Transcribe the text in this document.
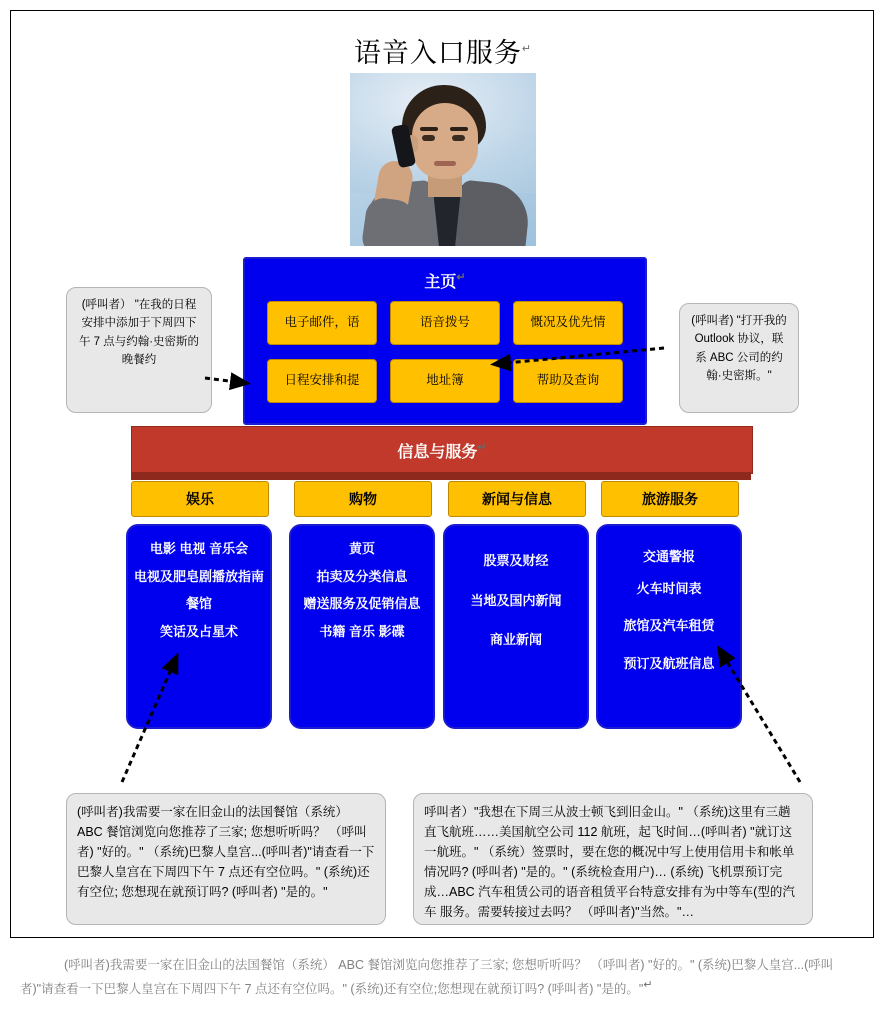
语音入口服务↵
主页↵
电子邮件，语	语音拨号	慨况及优先情
日程安排和提	地址簿	帮助及查询
信息与服务↵
娱乐	购物	新闻与信息	旅游服务
电影 电视 音乐会
电视及肥皂剧播放指南
餐馆
笑话及占星术
黄页
拍卖及分类信息
赠送服务及促销信息
书籍 音乐 影碟
股票及财经
当地及国内新闻
商业新闻
交通警报
火车时间表
旅馆及汽车租赁
预订及航班信息
(呼叫者） "在我的日程安排中添加于下周四下午 7 点与约翰·史密斯的晚餐约
(呼叫者) "打开我的 Outlook 协议，联系 ABC 公司的约翰·史密斯。"
(呼叫者)我需要一家在旧金山的法国餐馆（系统） ABC 餐馆浏览向您推荐了三家; 您想听听吗？ （呼叫者) "好的。" （系统)巴黎人皇宫...(呼叫者)"请查看一下巴黎人皇宫在下周四下午 7 点还有空位吗。" (系统)还有空位; 您想现在就预订吗? (呼叫者) "是的。"
呼叫者）"我想在下周三从波士顿飞到旧金山。" （系统)这里有三趟直飞航班……美国航空公司 112 航班，起飞时间…(呼叫者) "就订这一航班。" （系统）签票时，要在您的概况中写上使用信用卡和帐单情况吗? (呼叫者) "是的。" (系统检查用户)… (系统) 飞机票预订完成…ABC 汽车租赁公司的语音租赁平台特意安排有为中等车(型的汽车 服务。需要转接过去吗？ （呼叫者)"当然。"…
(呼叫者)我需要一家在旧金山的法国餐馆（系统） ABC 餐馆浏览向您推荐了三家; 您想听听吗？ （呼叫者) "好的。" (系统)巴黎人皇宫...(呼叫者)"请查看一下巴黎人皇宫在下周四下午 7 点还有空位吗。" (系统)还有空位;您想现在就预订吗? (呼叫者) "是的。"↵
